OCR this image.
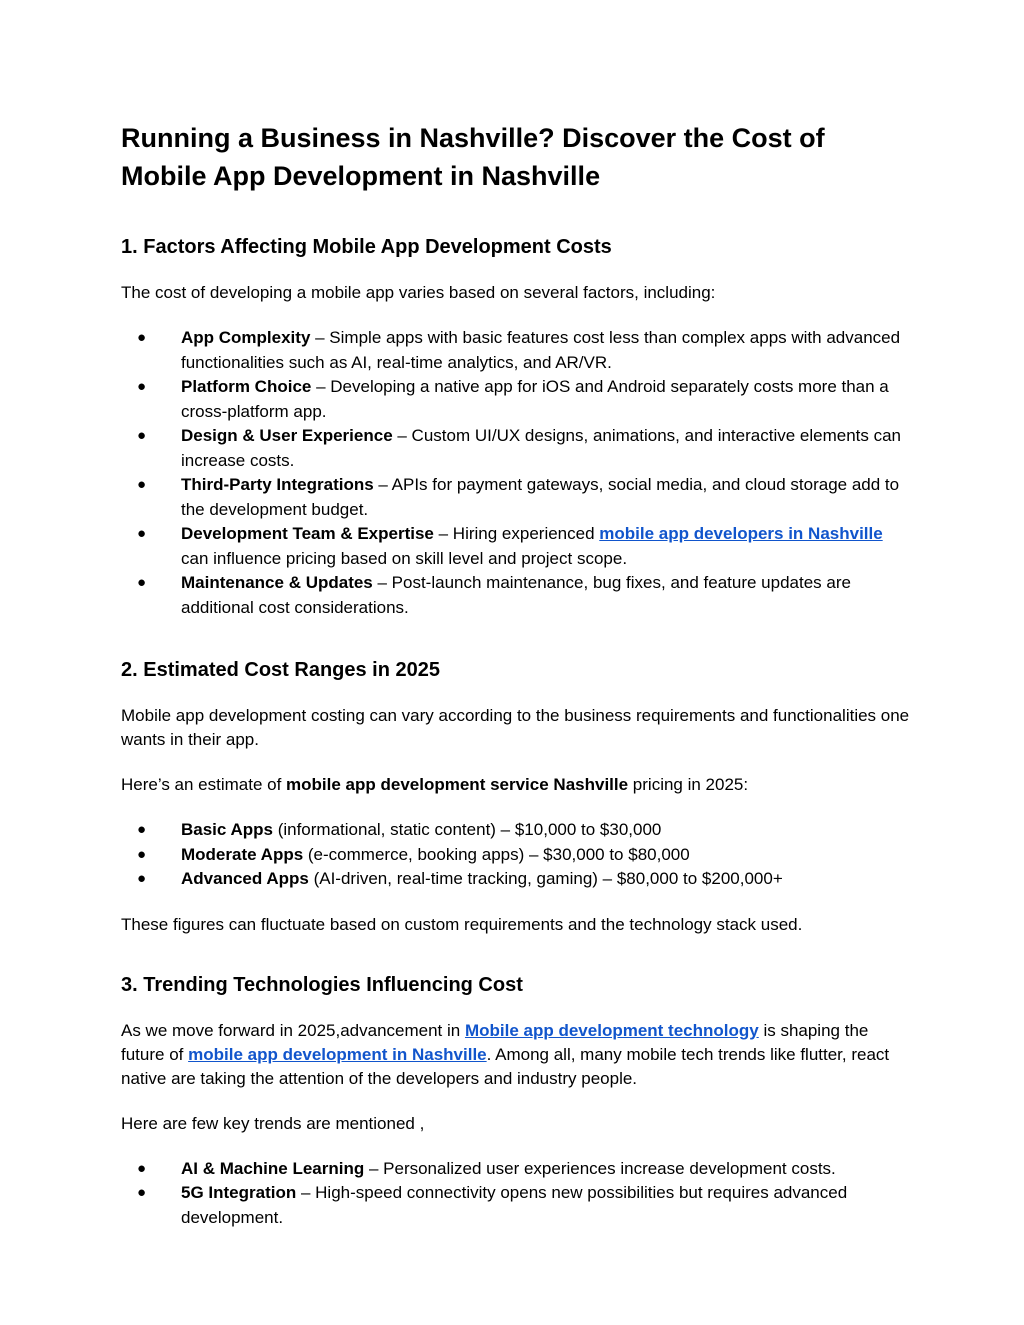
Running a Business in Nashville? Discover the Cost of Mobile App Development in Nashville
1. Factors Affecting Mobile App Development Costs

The cost of developing a mobile app varies based on several factors, including:

● App Complexity – Simple apps with basic features cost less than complex apps with advanced functionalities such as AI, real-time analytics, and AR/VR.
● Platform Choice – Developing a native app for iOS and Android separately costs more than a cross-platform app.
● Design & User Experience – Custom UI/UX designs, animations, and interactive elements can increase costs.
● Third-Party Integrations – APIs for payment gateways, social media, and cloud storage add to the development budget.
● Development Team & Expertise – Hiring experienced mobile app developers in Nashville can influence pricing based on skill level and project scope.
● Maintenance & Updates – Post-launch maintenance, bug fixes, and feature updates are additional cost considerations.
2. Estimated Cost Ranges in 2025

Mobile app development costing can vary according to the business requirements and functionalities one wants in their app.

Here’s an estimate of mobile app development service Nashville pricing in 2025:

● Basic Apps (informational, static content) – $10,000 to $30,000
● Moderate Apps (e-commerce, booking apps) – $30,000 to $80,000
● Advanced Apps (AI-driven, real-time tracking, gaming) – $80,000 to $200,000+

These figures can fluctuate based on custom requirements and the technology stack used.

3. Trending Technologies Influencing Cost

As we move forward in 2025,advancement in Mobile app development technology is shaping the future of mobile app development in Nashville. Among all, many mobile tech trends like flutter, react native are taking the attention of the developers and industry people.

Here are few key trends are mentioned ,

● AI & Machine Learning – Personalized user experiences increase development costs.
● 5G Integration – High-speed connectivity opens new possibilities but requires advanced development.
